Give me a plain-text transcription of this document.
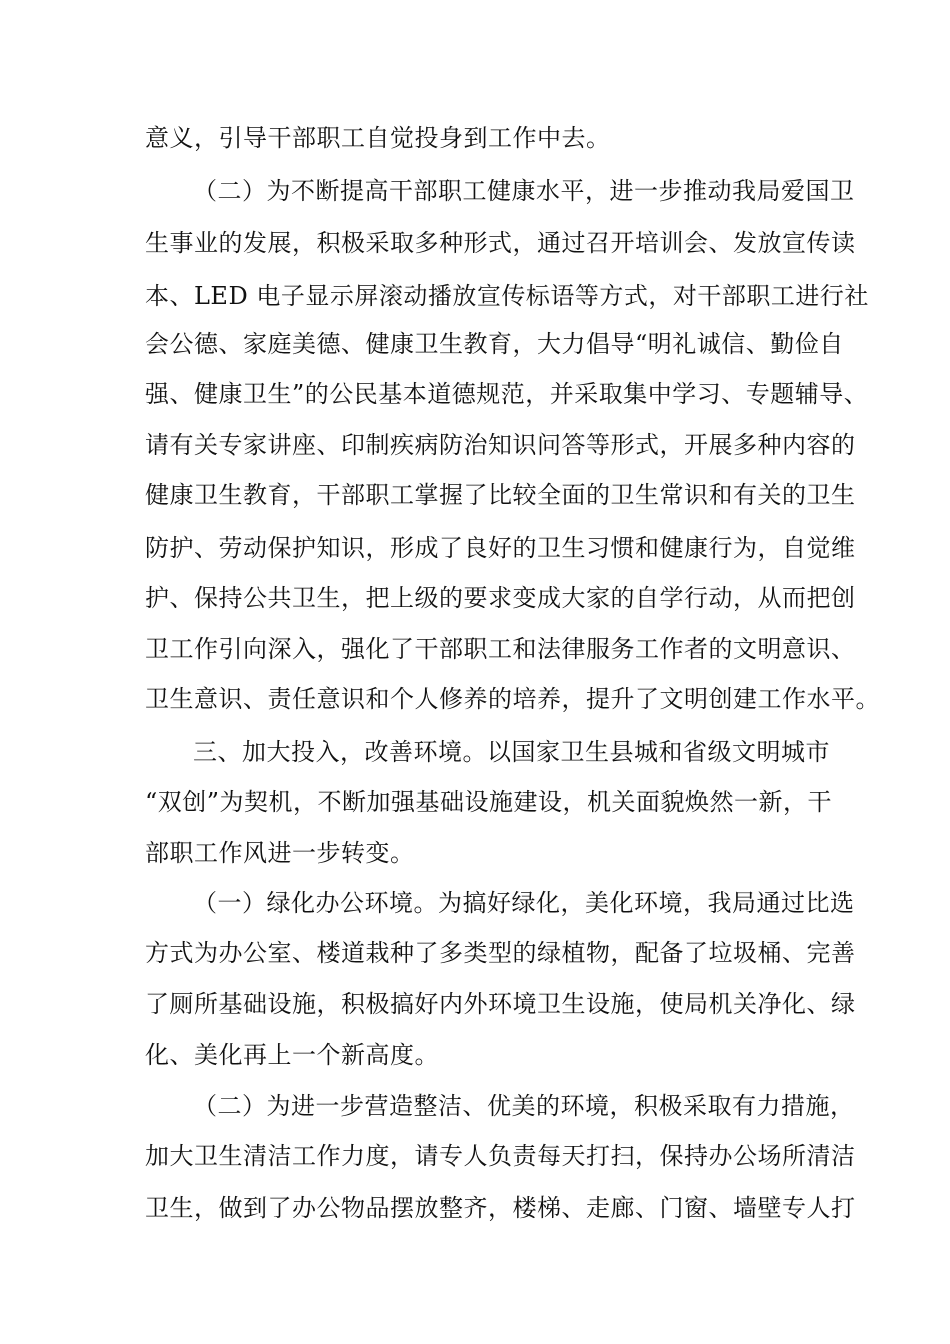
意义，引导干部职工自觉投身到工作中去。
（二）为不断提高干部职工健康水平，进一步推动我局爱国卫
生事业的发展，积极采取多种形式，通过召开培训会、发放宣传读
本、LED 电子显示屏滚动播放宣传标语等方式，对干部职工进行社
会公德、家庭美德、健康卫生教育，大力倡导“明礼诚信、勤俭自
强、健康卫生”的公民基本道德规范，并采取集中学习、专题辅导、
请有关专家讲座、印制疾病防治知识问答等形式，开展多种内容的
健康卫生教育，干部职工掌握了比较全面的卫生常识和有关的卫生
防护、劳动保护知识，形成了良好的卫生习惯和健康行为，自觉维
护、保持公共卫生，把上级的要求变成大家的自学行动，从而把创
卫工作引向深入，强化了干部职工和法律服务工作者的文明意识、
卫生意识、责任意识和个人修养的培养，提升了文明创建工作水平。
三、加大投入，改善环境。以国家卫生县城和省级文明城市
“双创”为契机，不断加强基础设施建设，机关面貌焕然一新，干
部职工作风进一步转变。
（一）绿化办公环境。为搞好绿化，美化环境，我局通过比选
方式为办公室、楼道栽种了多类型的绿植物，配备了垃圾桶、完善
了厕所基础设施，积极搞好内外环境卫生设施，使局机关净化、绿
化、美化再上一个新高度。
（二）为进一步营造整洁、优美的环境，积极采取有力措施，
加大卫生清洁工作力度，请专人负责每天打扫，保持办公场所清洁
卫生，做到了办公物品摆放整齐，楼梯、走廊、门窗、墙壁专人打
